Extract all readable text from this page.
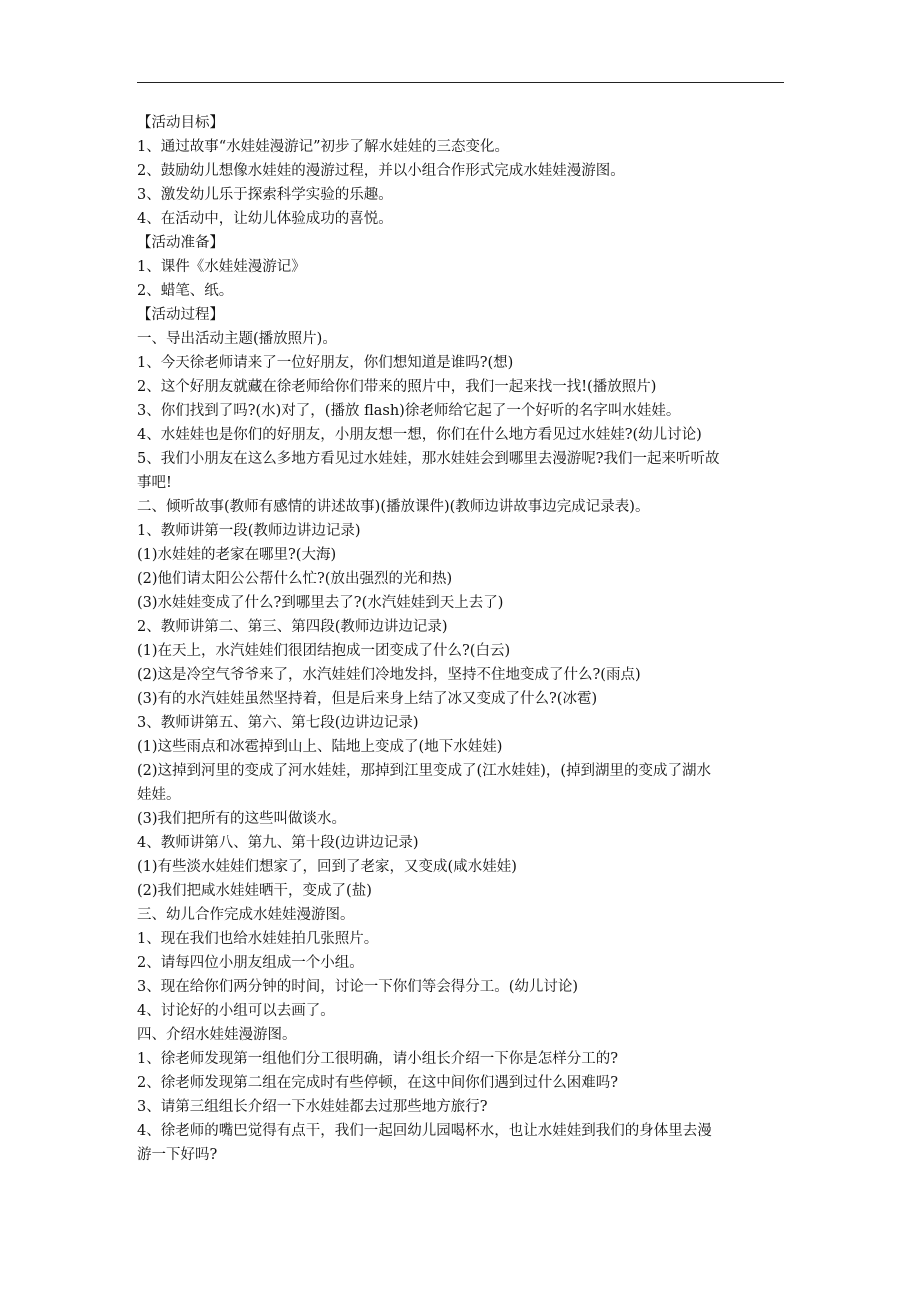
【活动目标】
1、通过故事“水娃娃漫游记”初步了解水娃娃的三态变化。
2、鼓励幼儿想像水娃娃的漫游过程，并以小组合作形式完成水娃娃漫游图。
3、激发幼儿乐于探索科学实验的乐趣。
4、在活动中，让幼儿体验成功的喜悦。
【活动准备】
1、课件《水娃娃漫游记》
2、蜡笔、纸。
【活动过程】
一、导出活动主题(播放照片)。
1、今天徐老师请来了一位好朋友，你们想知道是谁吗?(想)
2、这个好朋友就藏在徐老师给你们带来的照片中，我们一起来找一找!(播放照片)
3、你们找到了吗?(水)对了，(播放 flash)徐老师给它起了一个好听的名字叫水娃娃。
4、水娃娃也是你们的好朋友，小朋友想一想，你们在什么地方看见过水娃娃?(幼儿讨论)
5、我们小朋友在这么多地方看见过水娃娃，那水娃娃会到哪里去漫游呢?我们一起来听听故
事吧!
二、倾听故事(教师有感情的讲述故事)(播放课件)(教师边讲故事边完成记录表)。
1、教师讲第一段(教师边讲边记录)
(1)水娃娃的老家在哪里?(大海)
(2)他们请太阳公公帮什么忙?(放出强烈的光和热)
(3)水娃娃变成了什么?到哪里去了?(水汽娃娃到天上去了)
2、教师讲第二、第三、第四段(教师边讲边记录)
(1)在天上，水汽娃娃们很团结抱成一团变成了什么?(白云)
(2)这是冷空气爷爷来了，水汽娃娃们冷地发抖，坚持不住地变成了什么?(雨点)
(3)有的水汽娃娃虽然坚持着，但是后来身上结了冰又变成了什么?(冰雹)
3、教师讲第五、第六、第七段(边讲边记录)
(1)这些雨点和冰雹掉到山上、陆地上变成了(地下水娃娃)
(2)这掉到河里的变成了河水娃娃，那掉到江里变成了(江水娃娃)，(掉到湖里的变成了湖水
娃娃。
(3)我们把所有的这些叫做谈水。
4、教师讲第八、第九、第十段(边讲边记录)
(1)有些淡水娃娃们想家了，回到了老家，又变成(咸水娃娃)
(2)我们把咸水娃娃晒干，变成了(盐)
三、幼儿合作完成水娃娃漫游图。
1、现在我们也给水娃娃拍几张照片。
2、请每四位小朋友组成一个小组。
3、现在给你们两分钟的时间，讨论一下你们等会得分工。(幼儿讨论)
4、讨论好的小组可以去画了。
四、介绍水娃娃漫游图。
1、徐老师发现第一组他们分工很明确，请小组长介绍一下你是怎样分工的?
2、徐老师发现第二组在完成时有些停顿，在这中间你们遇到过什么困难吗?
3、请第三组组长介绍一下水娃娃都去过那些地方旅行?
4、徐老师的嘴巴觉得有点干，我们一起回幼儿园喝杯水，也让水娃娃到我们的身体里去漫
游一下好吗?
